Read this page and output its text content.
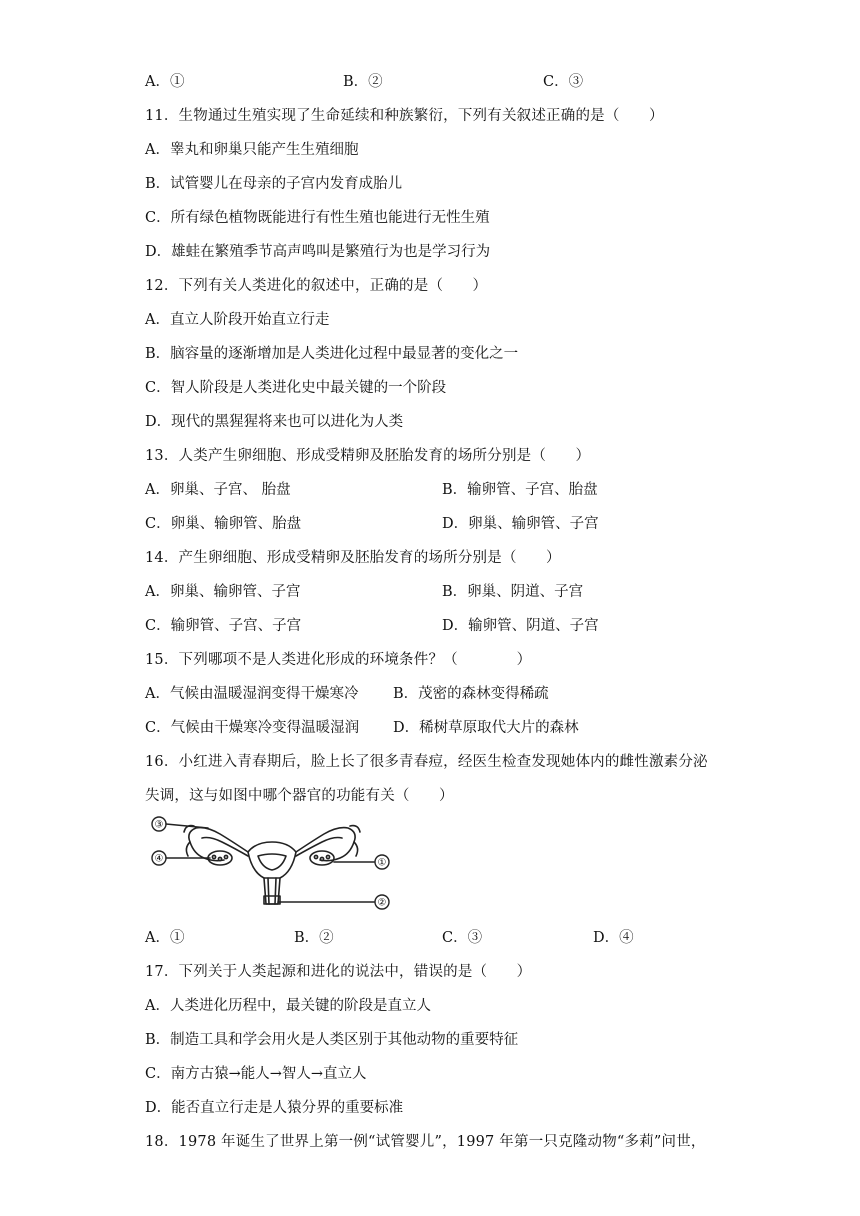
A．①	B．②	C．③
11．生物通过生殖实现了生命延续和种族繁衍，下列有关叙述正确的是（　　）
A．睾丸和卵巢只能产生生殖细胞
B．试管婴儿在母亲的子宫内发育成胎儿
C．所有绿色植物既能进行有性生殖也能进行无性生殖
D．雄蛙在繁殖季节高声鸣叫是繁殖行为也是学习行为
12．下列有关人类进化的叙述中，正确的是（　　）
A．直立人阶段开始直立行走
B．脑容量的逐渐增加是人类进化过程中最显著的变化之一
C．智人阶段是人类进化史中最关键的一个阶段
D．现代的黑猩猩将来也可以进化为人类
13．人类产生卵细胞、形成受精卵及胚胎发育的场所分别是（　　）
A．卵巢、子宫、 胎盘	B．输卵管、子宫、胎盘
C．卵巢、输卵管、胎盘	D．卵巢、输卵管、子宫
14．产生卵细胞、形成受精卵及胚胎发育的场所分别是（　　）
A．卵巢、输卵管、子宫	B．卵巢、阴道、子宫
C．输卵管、子宫、子宫	D．输卵管、阴道、子宫
15．下列哪项不是人类进化形成的环境条件？（　　　　）
A．气候由温暖湿润变得干燥寒冷 B．茂密的森林变得稀疏
C．气候由干燥寒冷变得温暖湿润 D．稀树草原取代大片的森林
16．小红进入青春期后，脸上长了很多青春痘，经医生检查发现她体内的雌性激素分泌
失调，这与如图中哪个器官的功能有关（　　）
③
④	①
②
A．①	B．②	C．③	D．④
17．下列关于人类起源和进化的说法中，错误的是（　　）
A．人类进化历程中，最关键的阶段是直立人
B．制造工具和学会用火是人类区别于其他动物的重要特征
C．南方古猿→能人→智人→直立人
D．能否直立行走是人猿分界的重要标准
18．1978 年诞生了世界上第一例“试管婴儿”，1997 年第一只克隆动物“多莉”问世，
